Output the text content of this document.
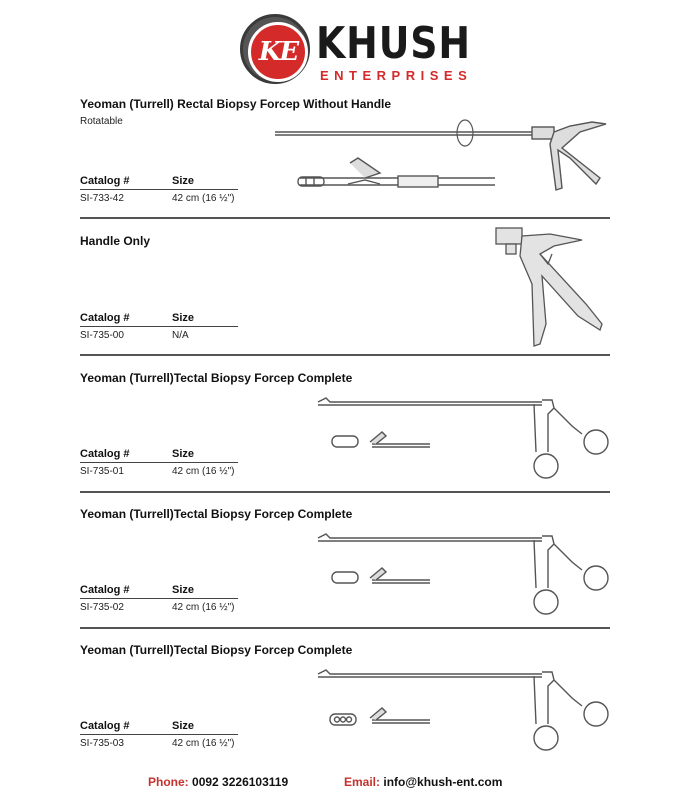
KE KHUSH
ENTERPRISES
Yeoman (Turrell) Rectal Biopsy Forcep Without Handle
Rotatable
Catalog #	Size
SI-733-42	42 cm (16 ½")
Handle Only
Catalog #	Size
SI-735-00	N/A
Yeoman (Turrell)Tectal Biopsy Forcep Complete
Catalog #	Size
SI-735-01	42 cm (16 ½")
Yeoman (Turrell)Tectal Biopsy Forcep Complete
Catalog #	Size
SI-735-02	42 cm (16 ½")
Yeoman (Turrell)Tectal Biopsy Forcep Complete
Catalog #	Size
SI-735-03	42 cm (16 ½")
Phone: 0092 3226103119	Email: info@khush-ent.com
